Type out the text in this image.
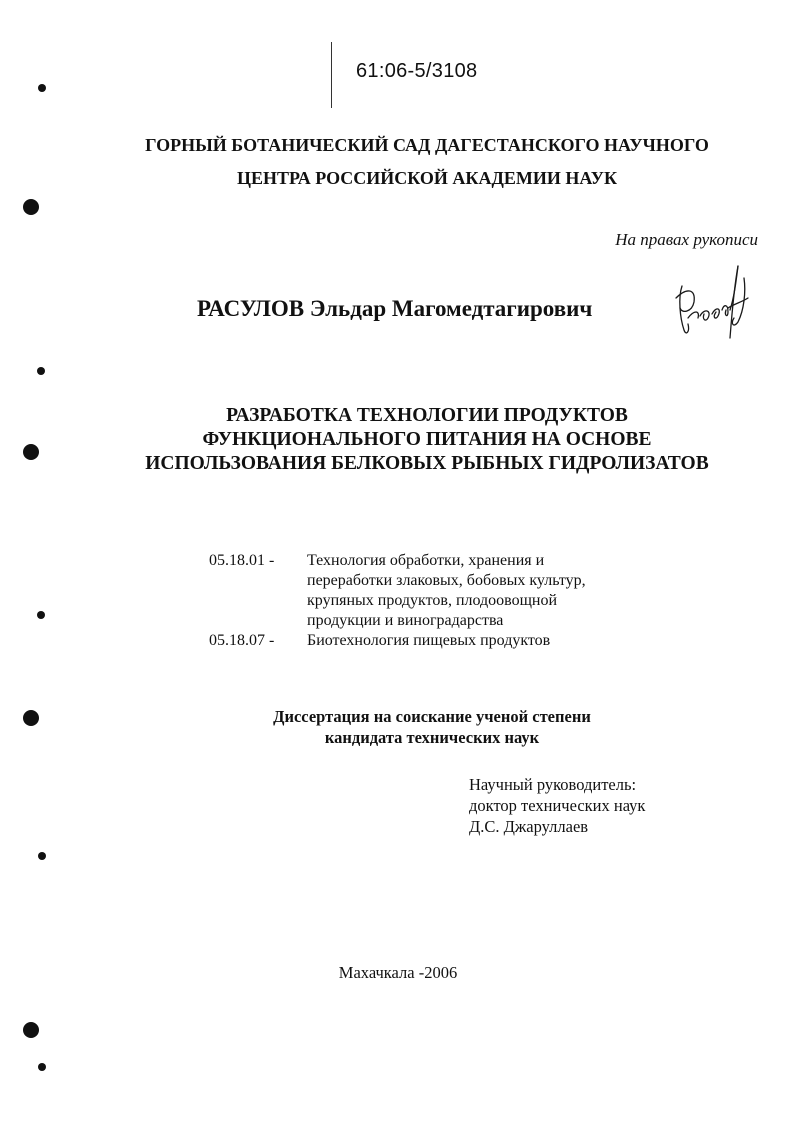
61:06-5/3108
ГОРНЫЙ БОТАНИЧЕСКИЙ САД ДАГЕСТАНСКОГО НАУЧНОГО
ЦЕНТРА РОССИЙСКОЙ АКАДЕМИИ НАУК
На правах рукописи
РАСУЛОВ Эльдар Магомедтагирович
РАЗРАБОТКА ТЕХНОЛОГИИ ПРОДУКТОВ
ФУНКЦИОНАЛЬНОГО ПИТАНИЯ НА ОСНОВЕ
ИСПОЛЬЗОВАНИЯ БЕЛКОВЫХ РЫБНЫХ ГИДРОЛИЗАТОВ
05.18.01 -	Технология обработки, хранения и
переработки злаковых, бобовых культур,
крупяных продуктов, плодоовощной
продукции и виноградарства
05.18.07 -	Биотехнология пищевых продуктов
Диссертация на соискание ученой степени
кандидата технических наук
Научный руководитель:
доктор технических наук
Д.С. Джаруллаев
Махачкала -2006
